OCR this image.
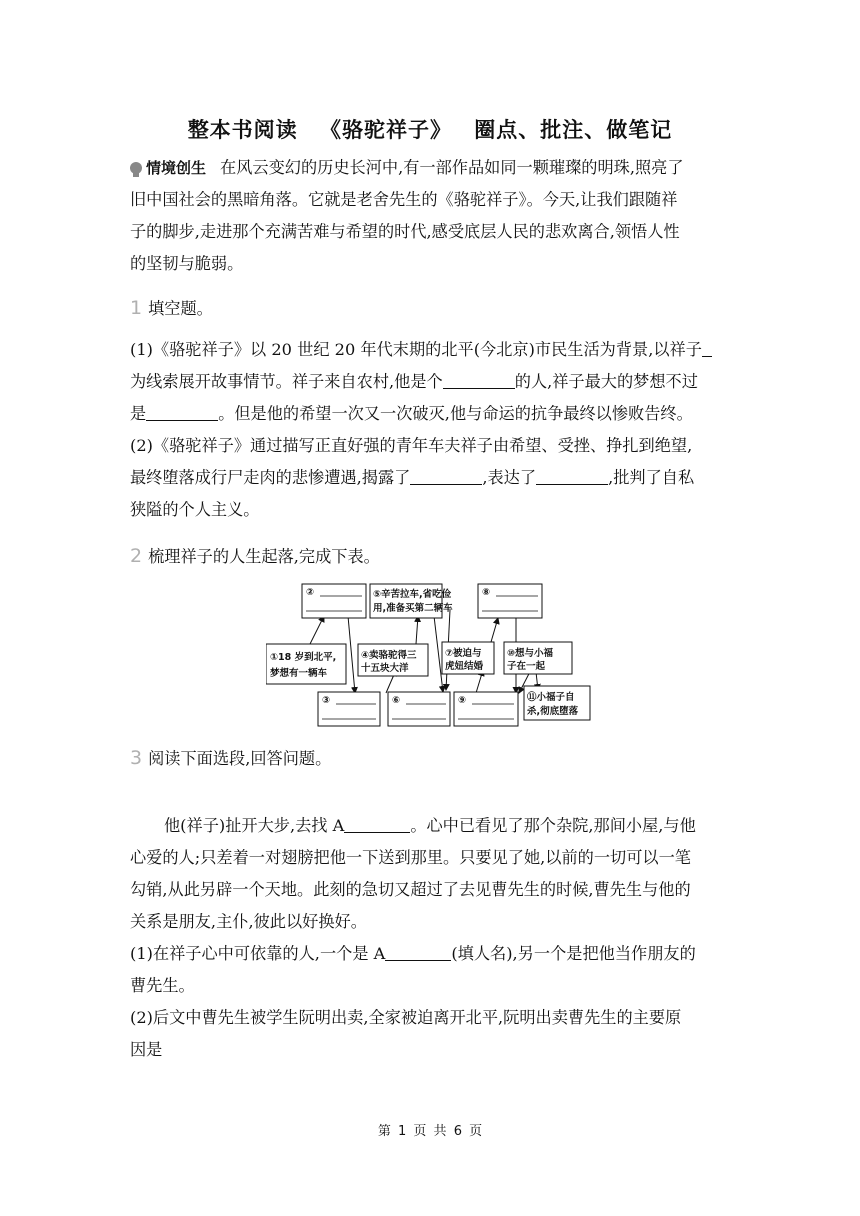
整本书阅读 《骆驼祥子》 圈点、批注、做笔记
情境创生 在风云变幻的历史长河中,有一部作品如同一颗璀璨的明珠,照亮了
旧中国社会的黑暗角落。它就是老舍先生的《骆驼祥子》。今天,让我们跟随祥
子的脚步,走进那个充满苦难与希望的时代,感受底层人民的悲欢离合,领悟人性
的坚韧与脆弱。
1 填空题。
(1)《骆驼祥子》以 20 世纪 20 年代末期的北平(今北京)市民生活为背景,以祥子
为线索展开故事情节。祥子来自农村,他是个	的人,祥子最大的梦想不过
是	。但是他的希望一次又一次破灭,他与命运的抗争最终以惨败告终。
(2)《骆驼祥子》通过描写正直好强的青年车夫祥子由希望、受挫、挣扎到绝望,
最终堕落成行尸走肉的悲惨遭遇,揭露了	,表达了	,批判了自私
狭隘的个人主义。
2 梳理祥子的人生起落,完成下表。
②	⑤辛苦拉车,省吃俭
用,准备买第二辆车
⑧
①18 岁到北平,
梦想有一辆车
④卖骆驼得三
十五块大洋
⑦被迫与
虎妞结婚
⑩想与小福
子在一起
③	⑥	⑨	⑪小福子自
杀,彻底堕落
3 阅读下面选段,回答问题。
他(祥子)扯开大步,去找 A	。心中已看见了那个杂院,那间小屋,与他
心爱的人;只差着一对翅膀把他一下送到那里。只要见了她,以前的一切可以一笔
勾销,从此另辟一个天地。此刻的急切又超过了去见曹先生的时候,曹先生与他的
关系是朋友,主仆,彼此以好换好。
(1)在祥子心中可依靠的人,一个是 A	(填人名),另一个是把他当作朋友的
曹先生。
(2)后文中曹先生被学生阮明出卖,全家被迫离开北平,阮明出卖曹先生的主要原
因是
第 1 页 共 6 页
